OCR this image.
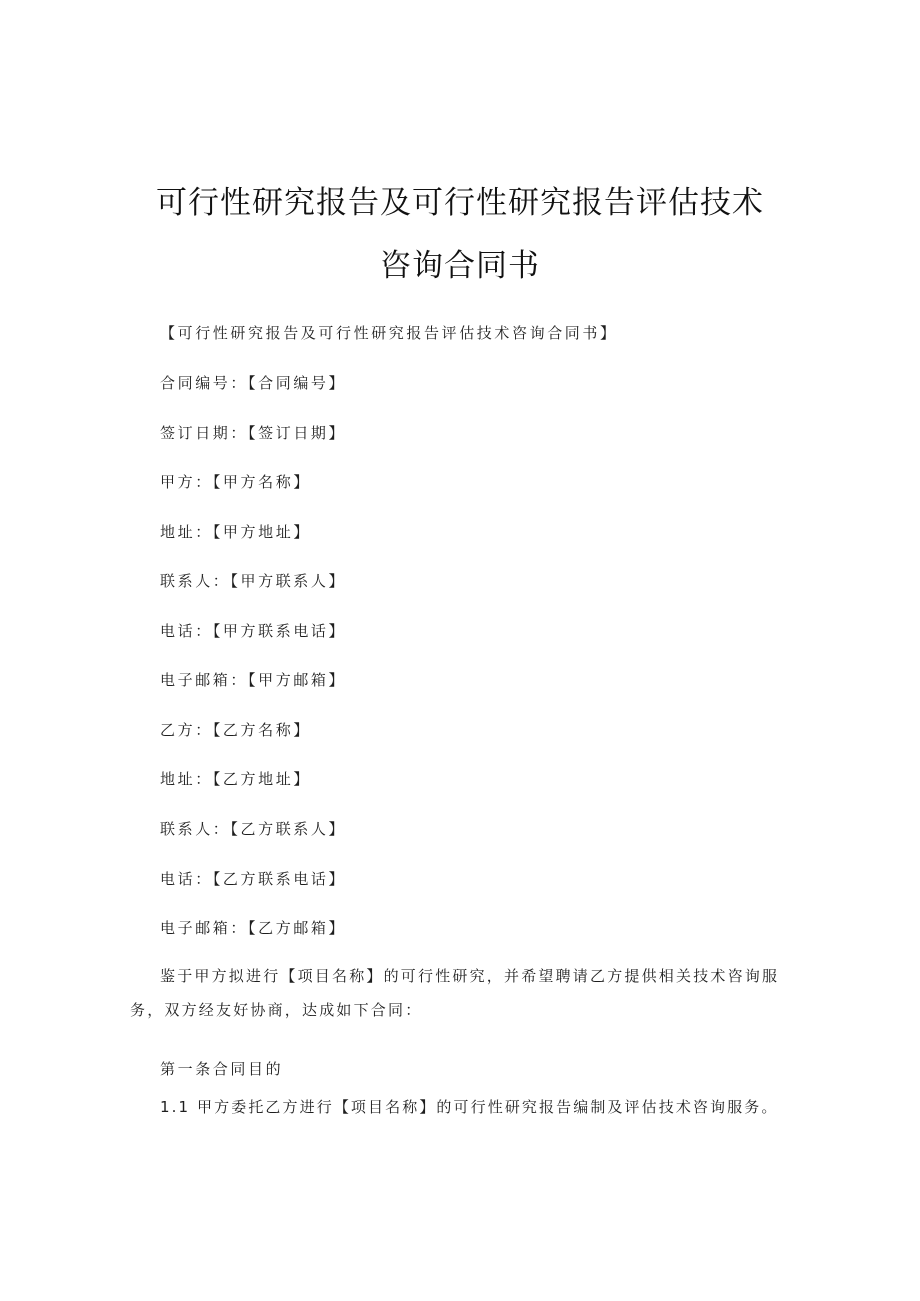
可行性研究报告及可行性研究报告评估技术
咨询合同书
【可行性研究报告及可行性研究报告评估技术咨询合同书】
合同编号：【合同编号】
签订日期：【签订日期】
甲方：【甲方名称】
地址：【甲方地址】
联系人：【甲方联系人】
电话：【甲方联系电话】
电子邮箱：【甲方邮箱】
乙方：【乙方名称】
地址：【乙方地址】
联系人：【乙方联系人】
电话：【乙方联系电话】
电子邮箱：【乙方邮箱】
鉴于甲方拟进行【项目名称】的可行性研究，并希望聘请乙方提供相关技术咨询服务，双方经友好协商，达成如下合同：
第一条合同目的
1.1 甲方委托乙方进行【项目名称】的可行性研究报告编制及评估技术咨询服务。
